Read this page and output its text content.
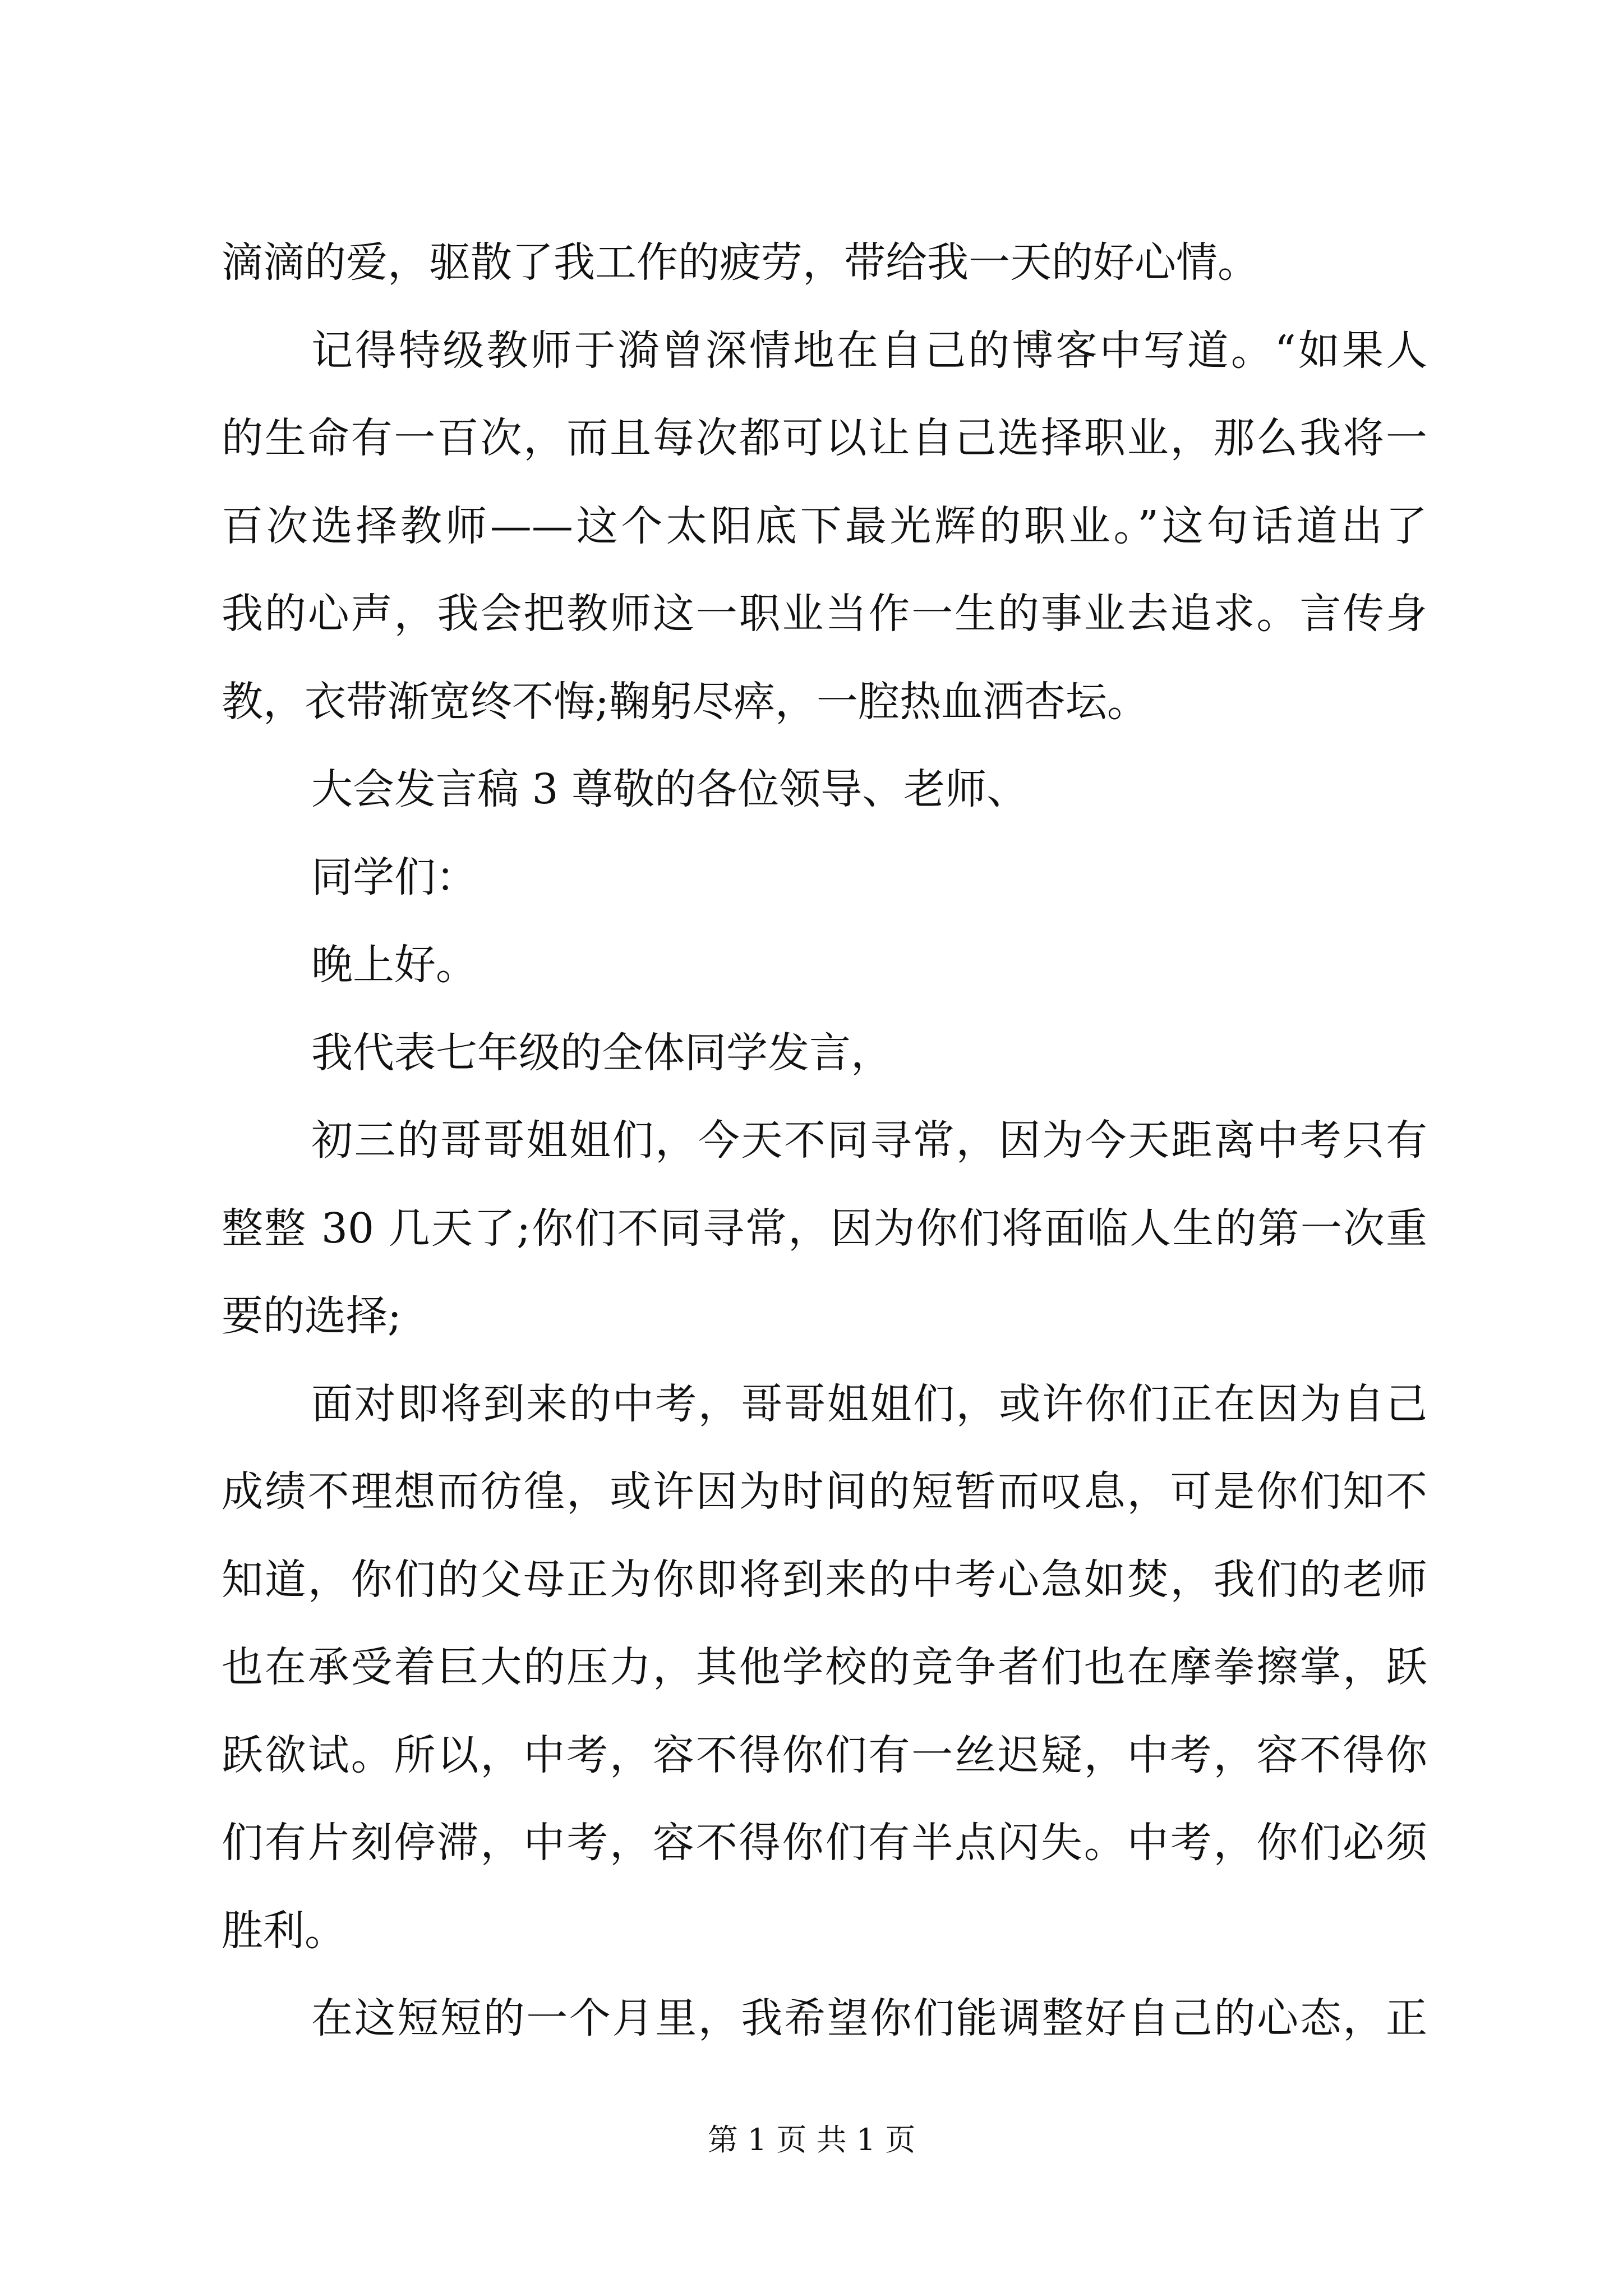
滴滴的爱，驱散了我工作的疲劳，带给我一天的好心情。
记得特级教师于漪曾深情地在自己的博客中写道。“如果人
的生命有一百次，而且每次都可以让自己选择职业，那么我将一
百次选择教师——这个太阳底下最光辉的职业。”这句话道出了
我的心声，我会把教师这一职业当作一生的事业去追求。言传身
教，衣带渐宽终不悔;鞠躬尽瘁，一腔热血洒杏坛。
大会发言稿 3 尊敬的各位领导、老师、
同学们：
晚上好。
我代表七年级的全体同学发言，
初三的哥哥姐姐们，今天不同寻常，因为今天距离中考只有
整整 30 几天了;你们不同寻常，因为你们将面临人生的第一次重
要的选择;
面对即将到来的中考，哥哥姐姐们，或许你们正在因为自己
成绩不理想而彷徨，或许因为时间的短暂而叹息，可是你们知不
知道，你们的父母正为你即将到来的中考心急如焚，我们的老师
也在承受着巨大的压力，其他学校的竞争者们也在摩拳擦掌，跃
跃欲试。所以，中考，容不得你们有一丝迟疑，中考，容不得你
们有片刻停滞，中考，容不得你们有半点闪失。中考，你们必须
胜利。
在这短短的一个月里，我希望你们能调整好自己的心态，正
第 1 页 共 1 页
